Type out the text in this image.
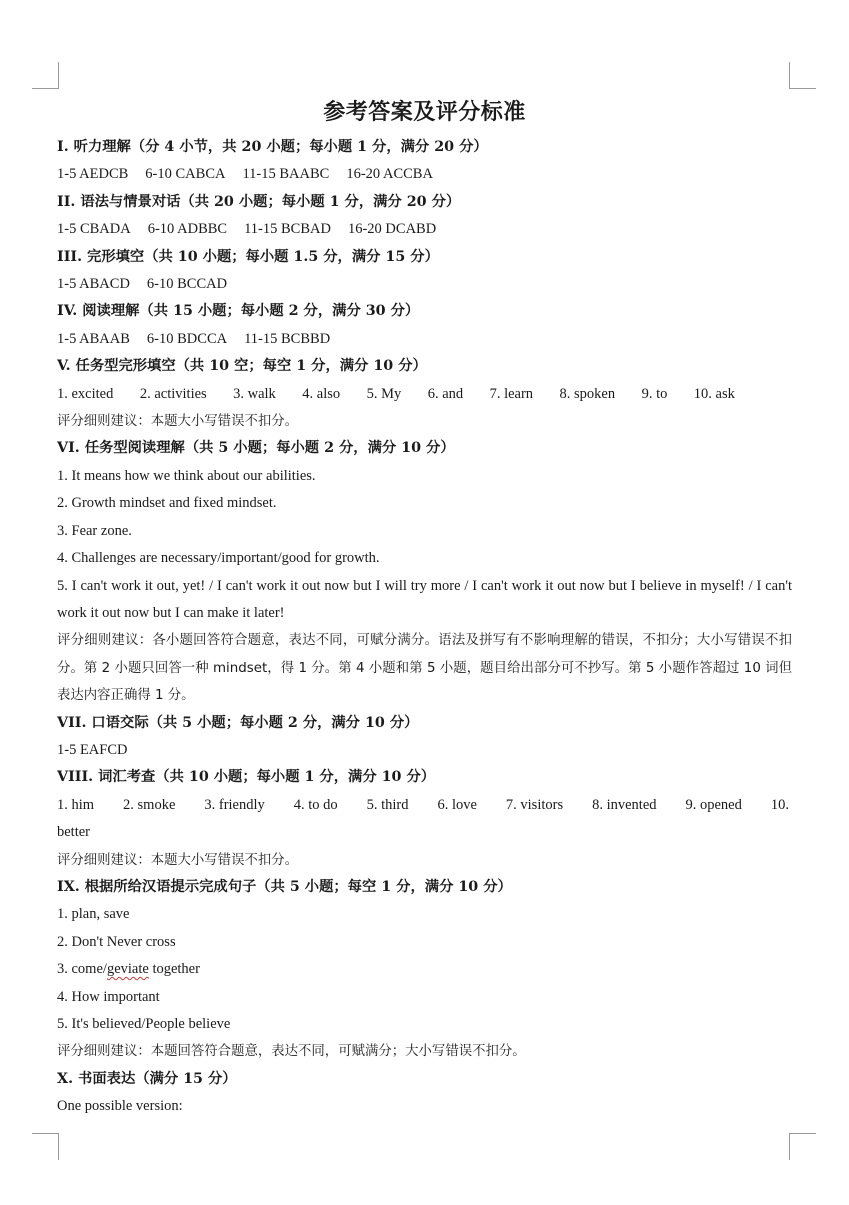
参考答案及评分标准
I. 听力理解（分 4 小节，共 20 小题；每小题 1 分，满分 20 分）
1-5 AEDCB 6-10 CABCA 11-15 BAABC 16-20 ACCBA
II. 语法与情景对话（共 20 小题；每小题 1 分，满分 20 分）
1-5 CBADA 6-10 ADBBC 11-15 BCBAD 16-20 DCABD
III. 完形填空（共 10 小题；每小题 1.5 分，满分 15 分）
1-5 ABACD 6-10 BCCAD
IV. 阅读理解（共 15 小题；每小题 2 分，满分 30 分）
1-5 ABAAB 6-10 BDCCA 11-15 BCBBD
V. 任务型完形填空（共 10 空；每空 1 分，满分 10 分）
1. excited 2. activities 3. walk 4. also 5. My 6. and 7. learn 8. spoken 9. to 10. ask
评分细则建议：本题大小写错误不扣分。
VI. 任务型阅读理解（共 5 小题；每小题 2 分，满分 10 分）
1. It means how we think about our abilities.
2. Growth mindset and fixed mindset.
3. Fear zone.
4. Challenges are necessary/important/good for growth.
5. I can't work it out, yet! / I can't work it out now but I will try more / I can't work it out now but I believe in myself! / I can't work it out now but I can make it later!
评分细则建议：各小题回答符合题意，表达不同，可赋分满分。语法及拼写有不影响理解的错误，不扣分；大小写错误不扣分。第 2 小题只回答一种 mindset，得 1 分。第 4 小题和第 5 小题，题目给出部分可不抄写。第 5 小题作答超过 10 词但表达内容正确得 1 分。
VII. 口语交际（共 5 小题；每小题 2 分，满分 10 分）
1-5 EAFCD
VIII. 词汇考查（共 10 小题；每小题 1 分，满分 10 分）
1. him 2. smoke 3. friendly 4. to do 5. third 6. love 7. visitors 8. invented 9. opened 10.
better
评分细则建议：本题大小写错误不扣分。
IX. 根据所给汉语提示完成句子（共 5 小题；每空 1 分，满分 10 分）
1. plan, save
2. Don't Never cross
3. come/geviate together
4. How important
5. It's believed/People believe
评分细则建议：本题回答符合题意，表达不同，可赋满分；大小写错误不扣分。
X. 书面表达（满分 15 分）
One possible version:
